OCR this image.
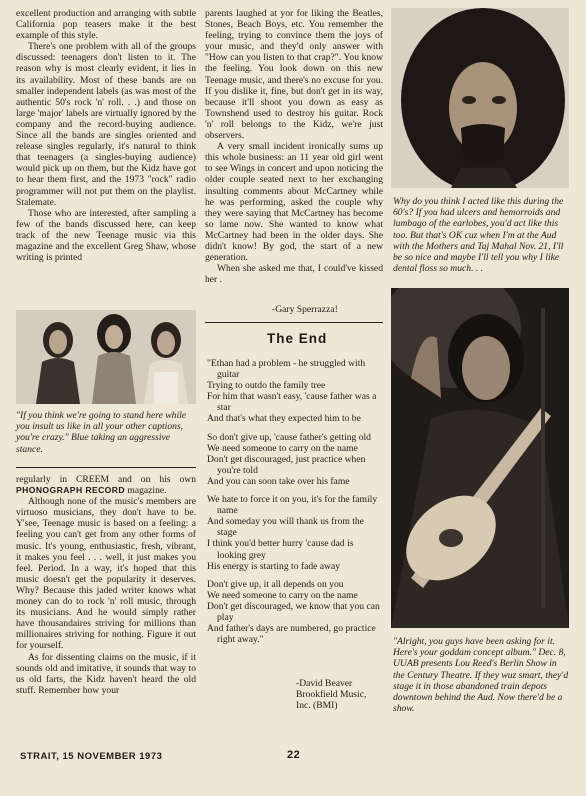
excellent production and arranging with subtle California pop teasers make it the best example of this style.

There's one problem with all of the groups discussed: teenagers don't listen to it. The reason why is most clearly evident, it lies in its availability. Most of these bands are on smaller independent labels (as was most of the authentic 50's rock 'n' roll. . .) and those on large 'major' labels are virtually ignored by the company and the record-buying audience. Since all the bands are singles oriented and release singles regularly, it's natural to think that teenagers (a singles-buying audience) would pick up on them, but the Kidz have got to hear them first, and the 1973 "rock" radio programmer will not put them on the playlist. Stalemate.

Those who are interested, after sampling a few of the bands discussed here, can keep track of the new Teenage music via this magazine and the excellent Greg Shaw, whose writing is printed

"If you think we're going to stand here while you insult us like in all your other captions, you're crazy." Blue taking an aggressive stance.

regularly in CREEM and on his own PHONOGRAPH RECORD magazine.

Although none of the music's members are virtuoso musicians, they don't have to be. Y'see, Teenage music is based on a feeling: a feeling you can't get from any other forms of music. It's young, enthusiastic, fresh, vibrant, it makes you feel . . . well, it just makes you feel. Period. In a way, it's hoped that this music doesn't get the popularity it deserves. Why? Because this jaded writer knows what money can do to rock 'n' roll music, through its musicians. And he would simply rather have thousandaires striving for millions than millionaires striving for nothing. Figure it out for yourself.

As for dissenting claims on the music, if it sounds old and imitative, it sounds that way to us old farts, the Kidz haven't heard the old stuff. Remember how your

parents laughed at yor for liking the Beatles, Stones, Beach Boys, etc. You remember the feeling, trying to convince them the joys of your music, and they'd only answer with "How can you listen to that crap?". You know the feeling. You look down on this new Teenage music, and there's no excuse for you. If you dislike it, fine, but don't get in its way, because it'll shoot you down as easy as Townshend used to destroy his guitar. Rock 'n' roll belongs to the Kidz, we're just observers.

A very small incident ironically sums up this whole business: an 11 year old girl went to see Wings in concert and upon noticing the older couple seated next to her exchanging insulting comments about McCartney while he was performing, asked the couple why they were saying that McCartney has become so lame now. She wanted to know what McCartney had been in the older days. She didn't know! By god, the start of a new generation.

When she asked me that, I could've kissed her .

-Gary Sperrazza!
The End

"Ethan had a problem - he struggled with guitar

Trying to outdo the family tree

For him that wasn't easy, 'cause father was a star

And that's what they expected him to be

So don't give up, 'cause father's getting old

We need someone to carry on the name

Don't get discouraged, just practice when you're told

And you can soon take over his fame

We hate to force it on you, it's for the family name

And someday you will thank us from the stage

I think you'd better hurry 'cause dad is looking grey

His energy is starting to fade away

Don't give up, it all depends on you

We need someone to carry on the name

Don't get discouraged, we know that you can play

And father's days are numbered, go practice right away."

-David Beaver
Brookfield Music,
Inc. (BMI)
Why do you think I acted like this during the 60's? If you had ulcers and hemorroids and lumbago of the earlobes, you'd act like this too. But that's OK cuz when I'm at the Aud with the Mothers and Taj Mahal Nov. 21, I'll be so nice and maybe I'll tell you why I like dental floss so much. . .
"Alright, you guys have been asking for it. Here's your goddam concept album." Dec. 8, UUAB presents Lou Reed's Berlin Show in the Century Theatre. If they wuz smart, they'd stage it in those abandoned train depots downtown behind the Aud. Now there'd be a show.
STRAIT, 15 NOVEMBER 1973	22
